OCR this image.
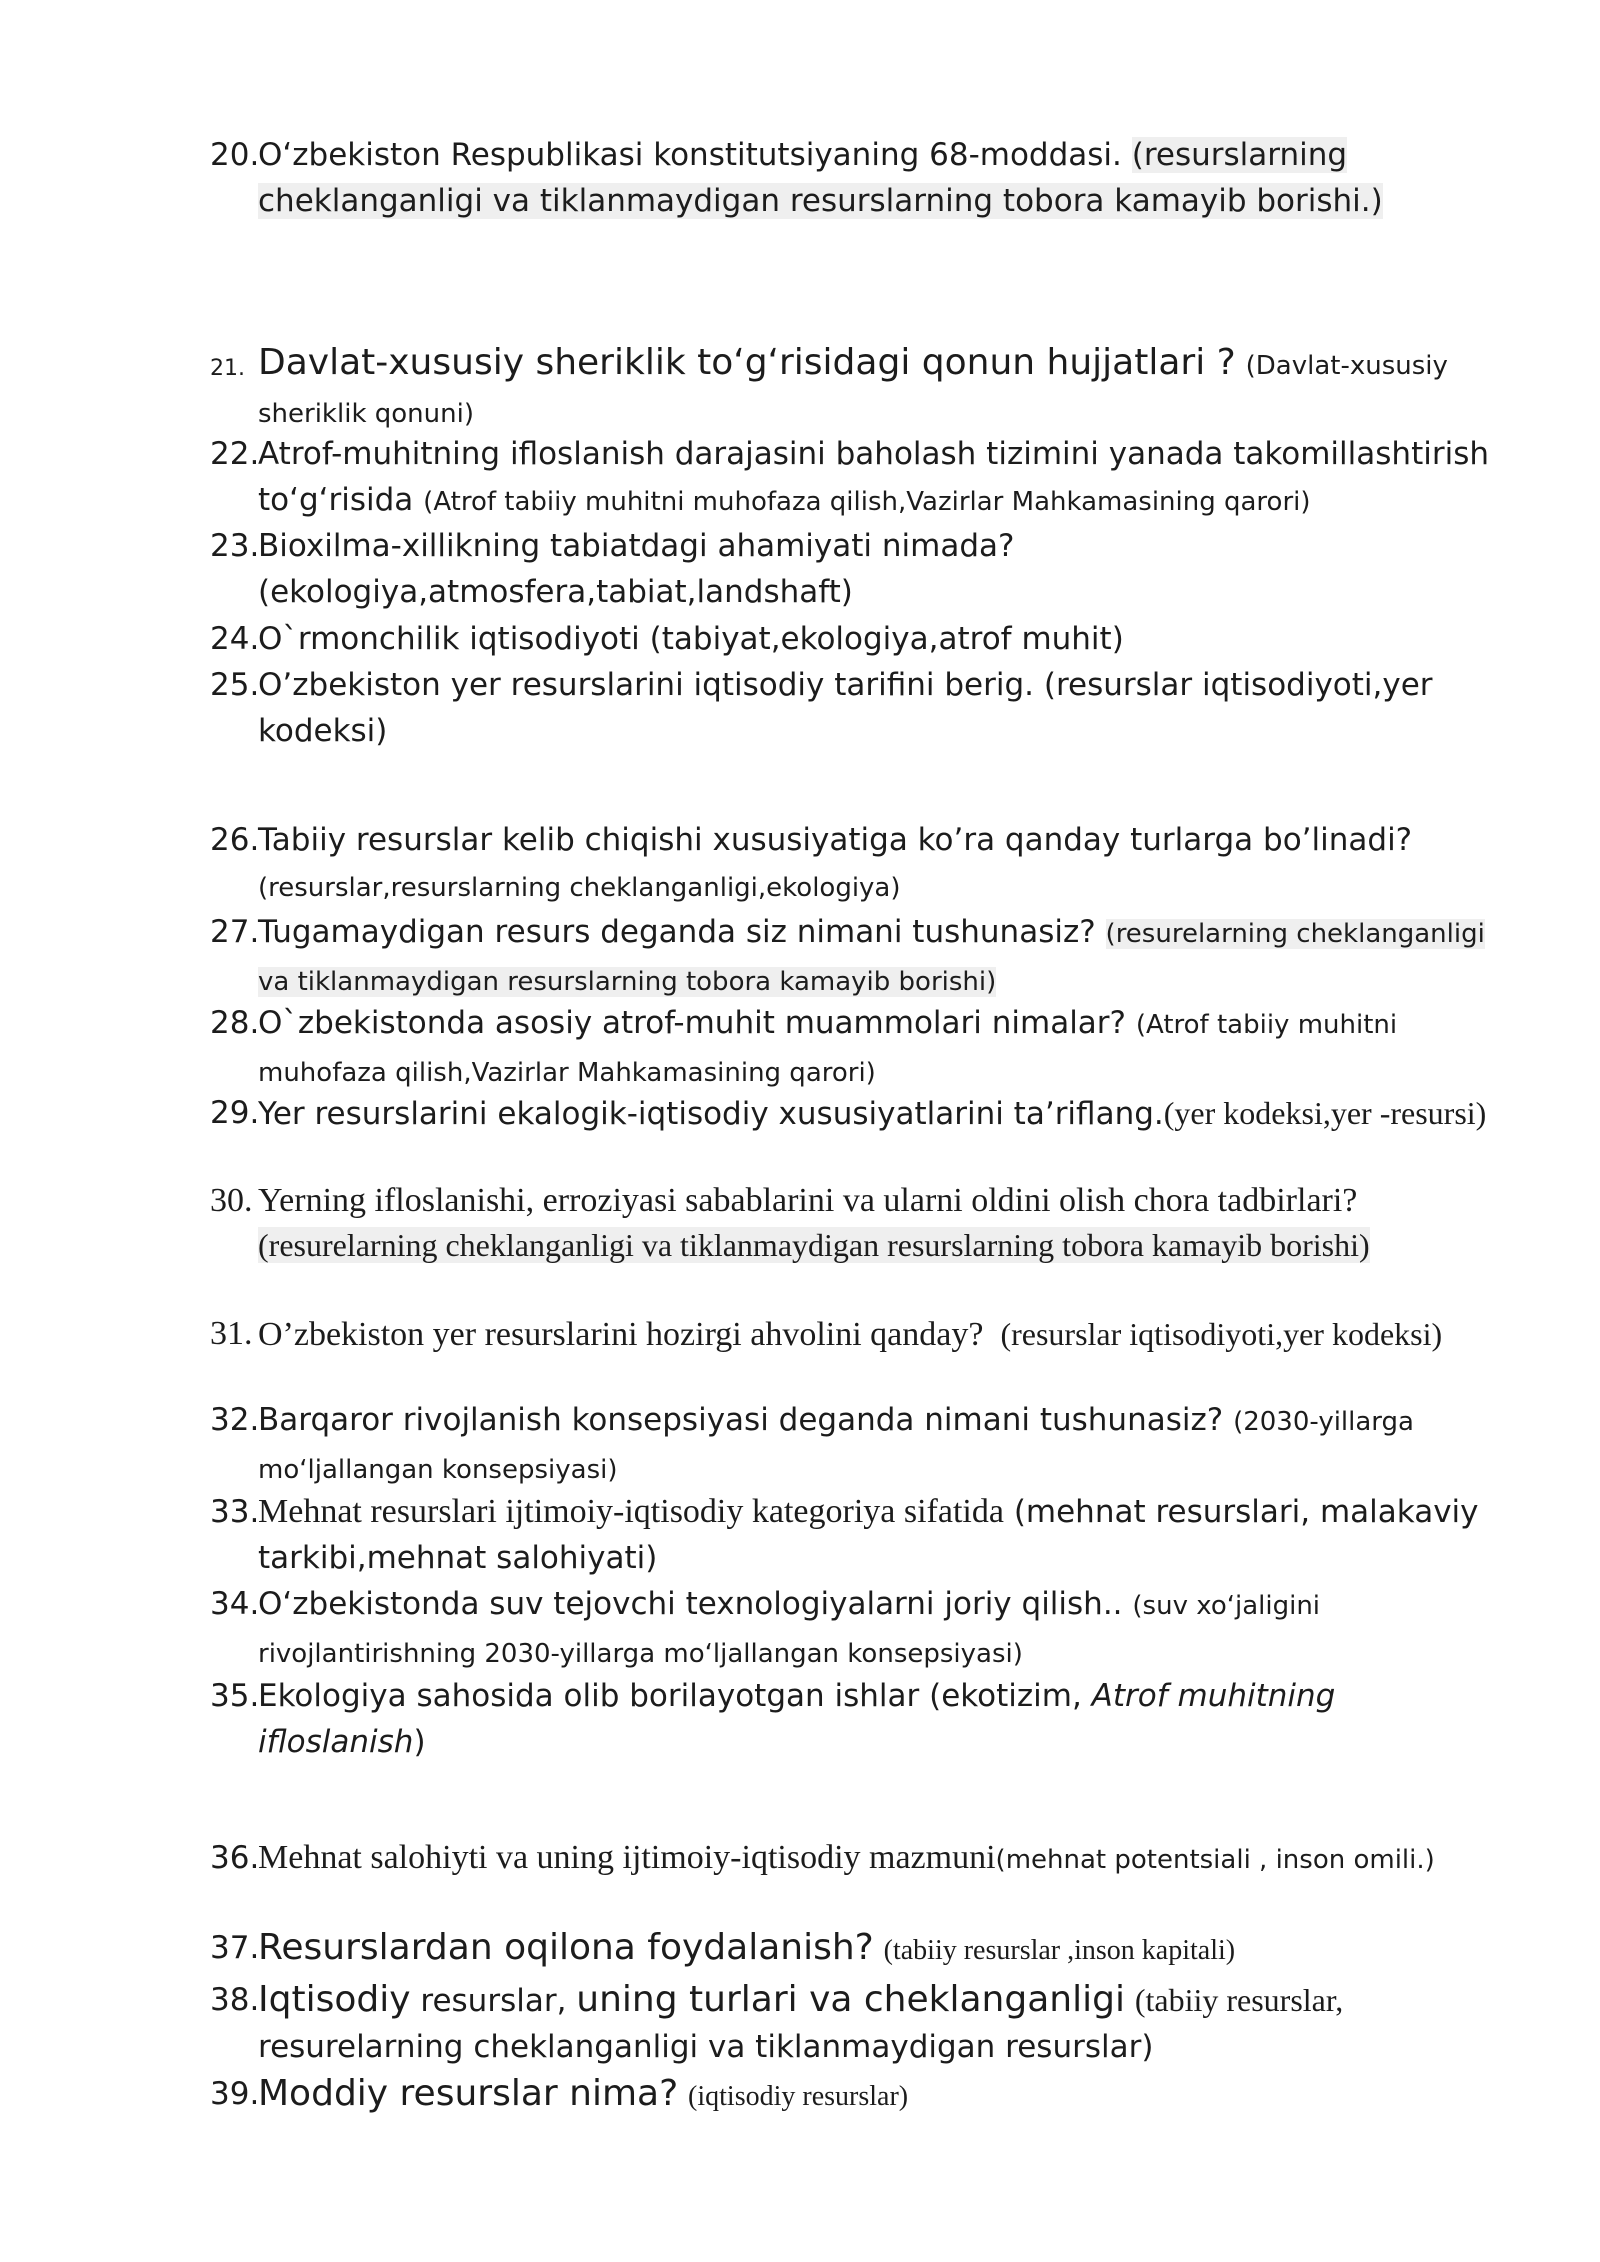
20.
O‘zbekiston Respublikasi konstitutsiyaning 68-moddasi. (resurslarning cheklanganligi va tiklanmaydigan resurslarning tobora kamayib borishi.)
21. Davlat-xususiy sheriklik to‘g‘risidagi qonun hujjatlari ? (Davlat-xususiy sheriklik qonuni)
22.
Atrof-muhitning ifloslanish darajasini baholash tizimini yanada takomillashtirish to‘g‘risida (Atrof tabiiy muhitni muhofaza qilish,Vazirlar Mahkamasining qarori)
23.
Bioxilma-xillikning tabiatdagi ahamiyati nimada?
(ekologiya,atmosfera,tabiat,landshaft)
24.
O`rmonchilik iqtisodiyoti (tabiyat,ekologiya,atrof muhit)
25.
O’zbekiston yer resurslarini iqtisodiy tarifini berig. (resurslar iqtisodiyoti,yer kodeksi)
26.
Tabiiy resurslar kelib chiqishi xususiyatiga ko’ra qanday turlarga bo’linadi?
(resurslar,resurslarning cheklanganligi,ekologiya)
27.
Tugamaydigan resurs deganda siz nimani tushunasiz? (resurelarning cheklanganligi va tiklanmaydigan resurslarning tobora kamayib borishi)
28.
O`zbekistonda asosiy atrof-muhit muammolari nimalar? (Atrof tabiiy muhitni muhofaza qilish,Vazirlar Mahkamasining qarori)
29.
Yer resurslarini ekalogik-iqtisodiy xususiyatlarini ta’riflang.(yer kodeksi,yer -resursi)
30. Yerning ifloslanishi, erroziyasi sabablarini va ularni oldini olish chora tadbirlari? (resurelarning cheklanganligi va tiklanmaydigan resurslarning tobora kamayib borishi)
31. O’zbekiston yer resurslarini hozirgi ahvolini qanday? (resurslar iqtisodiyoti,yer kodeksi)
32.
Barqaror rivojlanish konsepsiyasi deganda nimani tushunasiz? (2030-yillarga mo‘ljallangan konsepsiyasi)
33.
Mehnat resurslari ijtimoiy-iqtisodiy kategoriya sifatida (mehnat resurslari, malakaviy tarkibi,mehnat salohiyati)
34.
O‘zbekistonda suv tejovchi texnologiyalarni joriy qilish.. (suv xo‘jaligini rivojlantirishning 2030-yillarga mo‘ljallangan konsepsiyasi)
35.
Ekologiya sahosida olib borilayotgan ishlar (ekotizim, Atrof muhitning ifloslanish)
36.
Mehnat salohiyti va uning ijtimoiy-iqtisodiy mazmuni(mehnat potentsiali , inson omili.)
37.
Resurslardan oqilona foydalanish? (tabiiy resurslar ,inson kapitali)
38.
Iqtisodiy resurslar, uning turlari va cheklanganligi (tabiiy resurslar,
resurelarning cheklanganligi va tiklanmaydigan resurslar)
39.
Moddiy resurslar nima? (iqtisodiy resurslar)
